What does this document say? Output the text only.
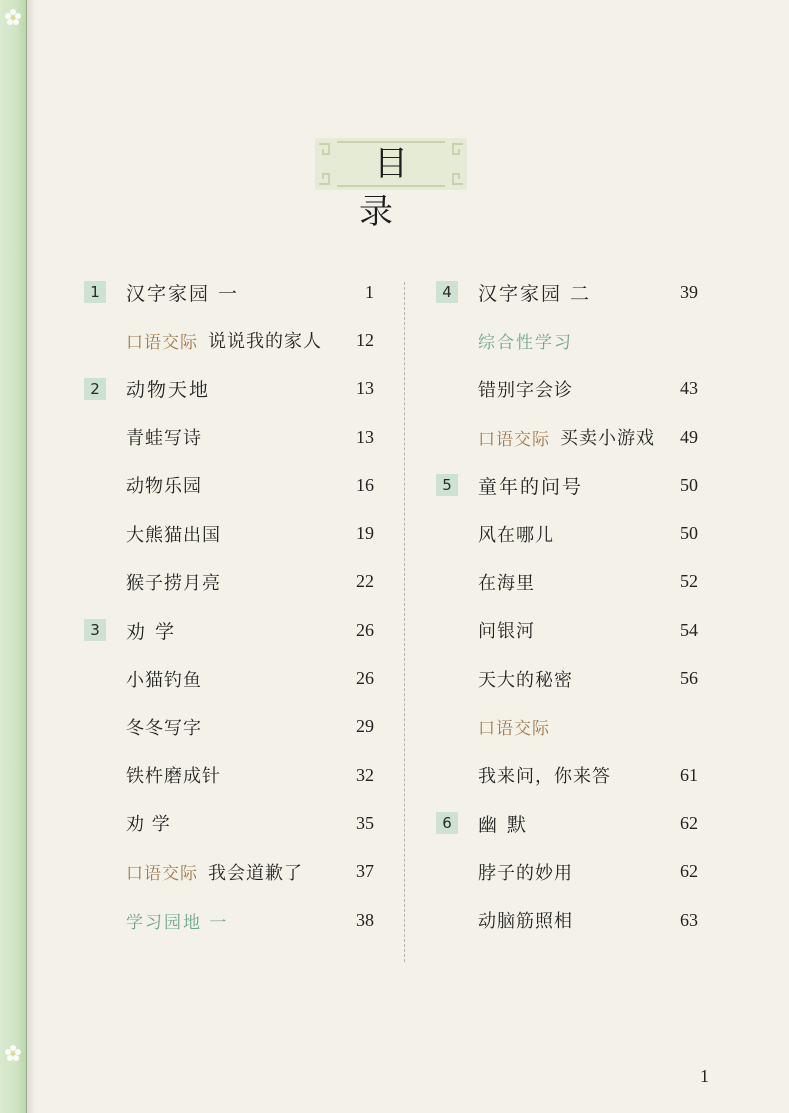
目 录
1	汉字家园 一	1
口语交际 说说我的家人 12
2	动物天地	13
青蛙写诗	13
动物乐园	16
大熊猫出国	19
猴子捞月亮	22
3	劝 学	26
小猫钓鱼	26
冬冬写字	29
铁杵磨成针	32
劝 学	35
口语交际 我会道歉了	37
学习园地 一	38
4	汉字家园 二	39
综合性学习
错别字会诊	43
口语交际 买卖小游戏 49
5	童年的问号	50
风在哪儿	50
在海里	52
问银河	54
天大的秘密	56
口语交际
我来问，你来答	61
6	幽 默	62
脖子的妙用	62
动脑筋照相	63
1
